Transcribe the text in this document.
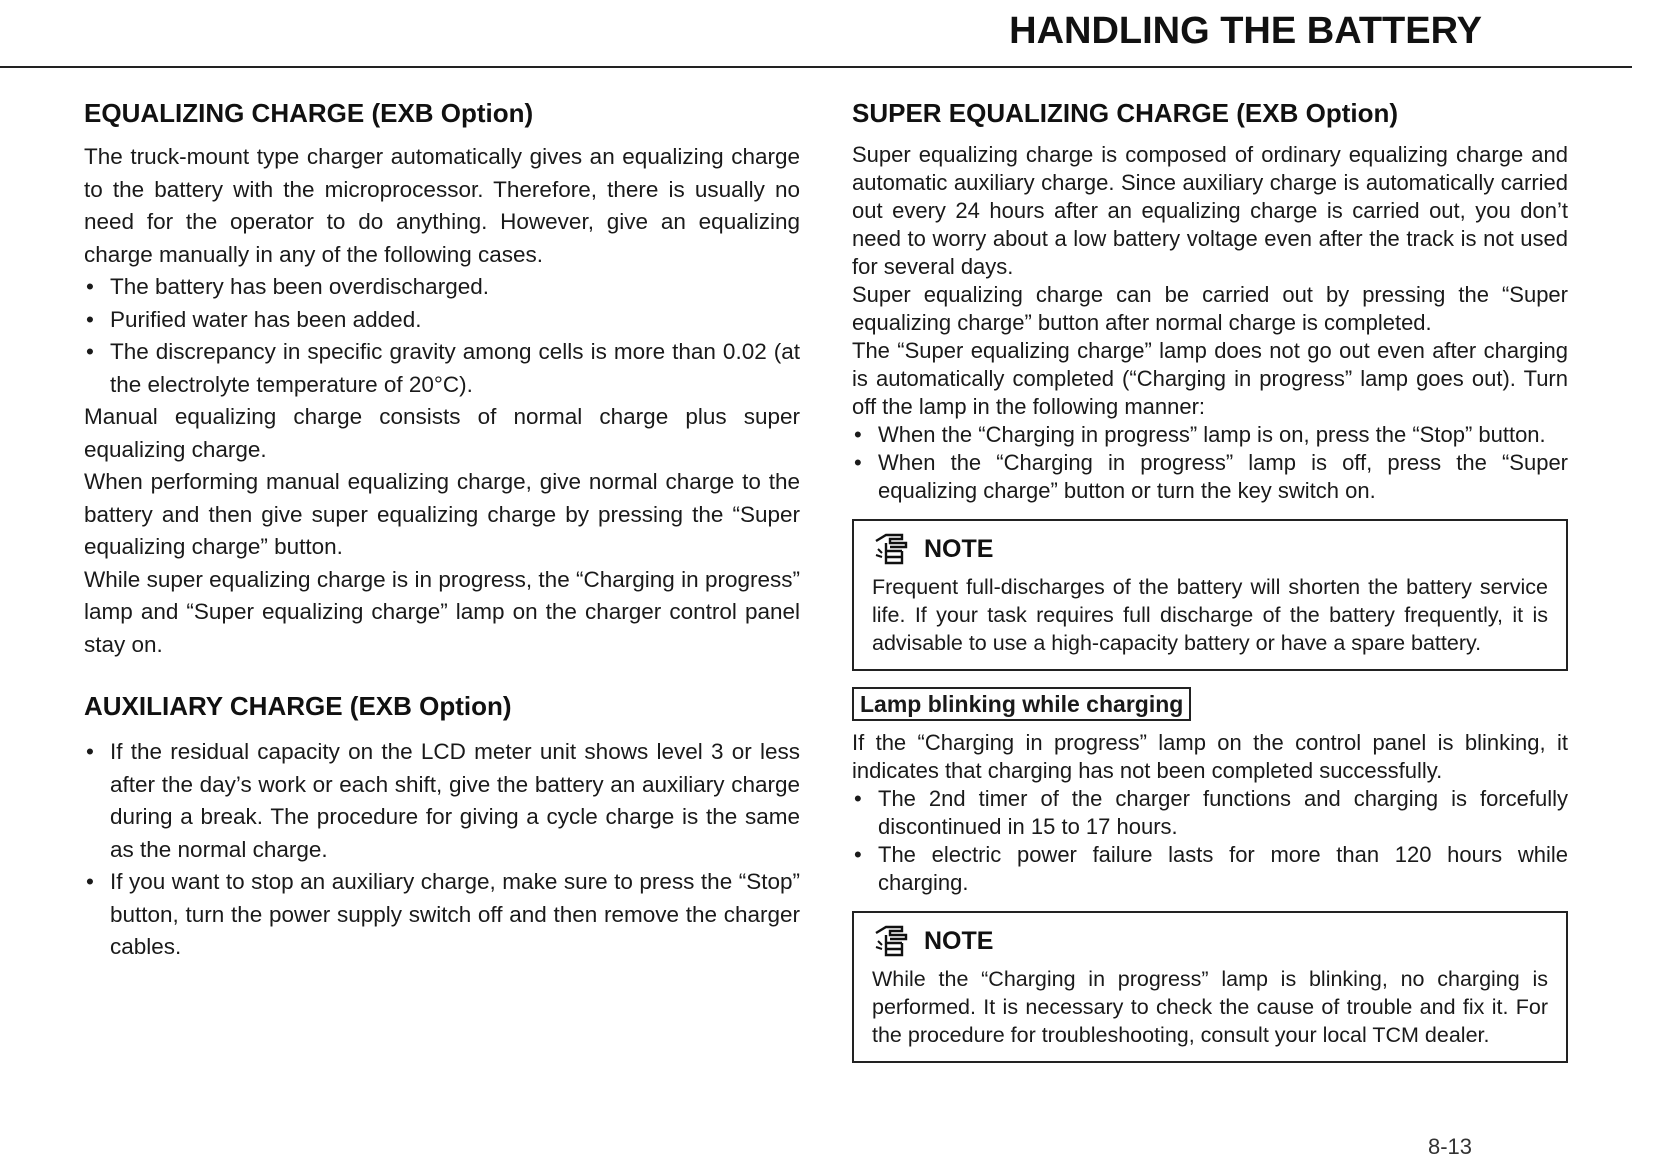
HANDLING THE BATTERY
EQUALIZING CHARGE (EXB Option)

The truck-mount type charger automatically gives an equalizing charge to the battery with the microprocessor. Therefore, there is usually no need for the operator to do anything. However, give an equalizing charge manually in any of the following cases.

• The battery has been overdischarged.
• Purified water has been added.
• The discrepancy in specific gravity among cells is more than 0.02 (at the electrolyte temperature of 20°C).

Manual equalizing charge consists of normal charge plus super equalizing charge.

When performing manual equalizing charge, give normal charge to the battery and then give super equalizing charge by pressing the “Super equalizing charge” button.

While super equalizing charge is in progress, the “Charging in progress” lamp and “Super equalizing charge” lamp on the charger control panel stay on.

AUXILIARY CHARGE (EXB Option)
• If the residual capacity on the LCD meter unit shows level 3 or less after the day’s work or each shift, give the battery an auxiliary charge during a break. The procedure for giving a cycle charge is the same as the normal charge.
• If you want to stop an auxiliary charge, make sure to press the “Stop” button, turn the power supply switch off and then remove the charger cables.
SUPER EQUALIZING CHARGE (EXB Option)

Super equalizing charge is composed of ordinary equalizing charge and automatic auxiliary charge. Since auxiliary charge is automatically carried out every 24 hours after an equalizing charge is carried out, you don’t need to worry about a low battery voltage even after the track is not used for several days.

Super equalizing charge can be carried out by pressing the “Super equalizing charge” button after normal charge is completed.

The “Super equalizing charge” lamp does not go out even after charging is automatically completed (“Charging in progress” lamp goes out). Turn off the lamp in the following manner:

• When the “Charging in progress” lamp is on, press the “Stop” button.
• When the “Charging in progress” lamp is off, press the “Super equalizing charge” button or turn the key switch on.
NOTE

Frequent full-discharges of the battery will shorten the battery service life. If your task requires full discharge of the battery frequently, it is advisable to use a high-capacity battery or have a spare battery.

Lamp blinking while charging

If the “Charging in progress” lamp on the control panel is blinking, it indicates that charging has not been completed successfully.

• The 2nd timer of the charger functions and charging is forcefully discontinued in 15 to 17 hours.
• The electric power failure lasts for more than 120 hours while charging.
NOTE

While the “Charging in progress” lamp is blinking, no charging is performed. It is necessary to check the cause of trouble and fix it. For the procedure for troubleshooting, consult your local TCM dealer.

8-13
